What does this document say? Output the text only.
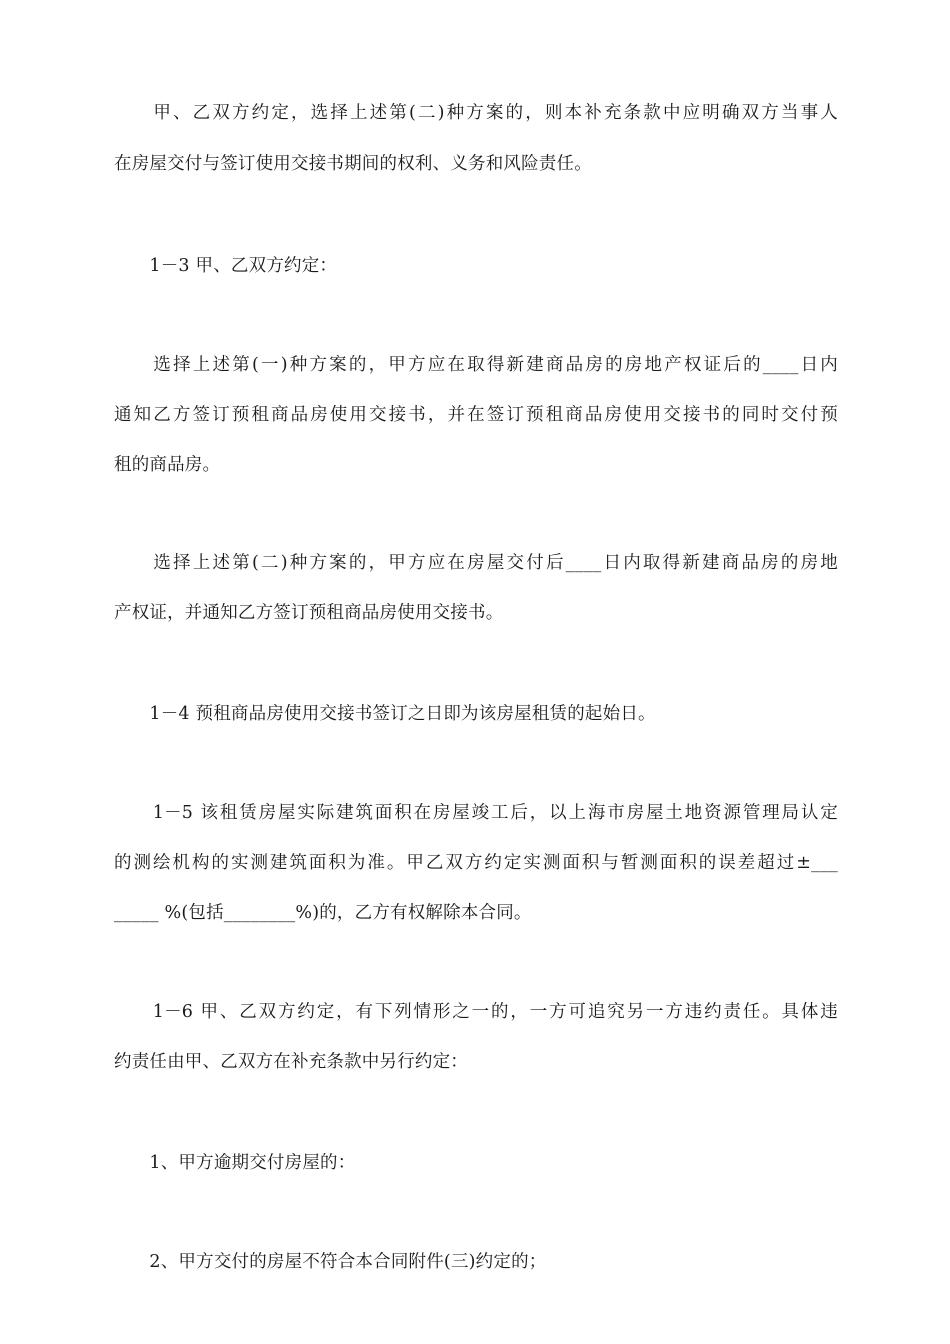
　　甲、乙双方约定，选择上述第(二)种方案的，则本补充条款中应明确双方当事人
在房屋交付与签订使用交接书期间的权利、义务和风险责任。
　　1－3 甲、乙双方约定：
　　选择上述第(一)种方案的，甲方应在取得新建商品房的房地产权证后的____日内
通知乙方签订预租商品房使用交接书，并在签订预租商品房使用交接书的同时交付预
租的商品房。
　　选择上述第(二)种方案的，甲方应在房屋交付后____日内取得新建商品房的房地
产权证，并通知乙方签订预租商品房使用交接书。
　　1－4 预租商品房使用交接书签订之日即为该房屋租赁的起始日。
　　1－5 该租赁房屋实际建筑面积在房屋竣工后，以上海市房屋土地资源管理局认定
的测绘机构的实测建筑面积为准。甲乙双方约定实测面积与暂测面积的误差超过±___
_____ %(包括________%)的，乙方有权解除本合同。
　　1－6 甲、乙双方约定，有下列情形之一的，一方可追究另一方违约责任。具体违
约责任由甲、乙双方在补充条款中另行约定：
　　1、甲方逾期交付房屋的：
　　2、甲方交付的房屋不符合本合同附件(三)约定的；
